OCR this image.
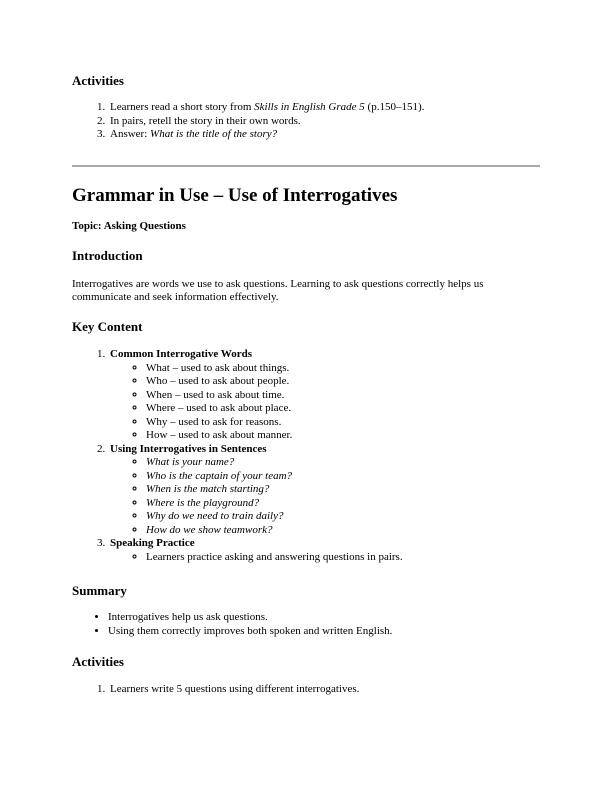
Activities
1. Learners read a short story from Skills in English Grade 5 (p.150–151).
2. In pairs, retell the story in their own words.
3. Answer: What is the title of the story?
Grammar in Use – Use of Interrogatives
Topic: Asking Questions
Introduction

Interrogatives are words we use to ask questions. Learning to ask questions correctly helps us communicate and seek information effectively.

Key Content
1. Common Interrogative Words
◦ What – used to ask about things.
◦ Who – used to ask about people.
◦ When – used to ask about time.
◦ Where – used to ask about place.
◦ Why – used to ask for reasons.
◦ How – used to ask about manner.
2. Using Interrogatives in Sentences
◦ What is your name?
◦ Who is the captain of your team?
◦ When is the match starting?
◦ Where is the playground?
◦ Why do we need to train daily?
◦ How do we show teamwork?
3. Speaking Practice
◦ Learners practice asking and answering questions in pairs.
Summary
• Interrogatives help us ask questions.
• Using them correctly improves both spoken and written English.
Activities
1. Learners write 5 questions using different interrogatives.
